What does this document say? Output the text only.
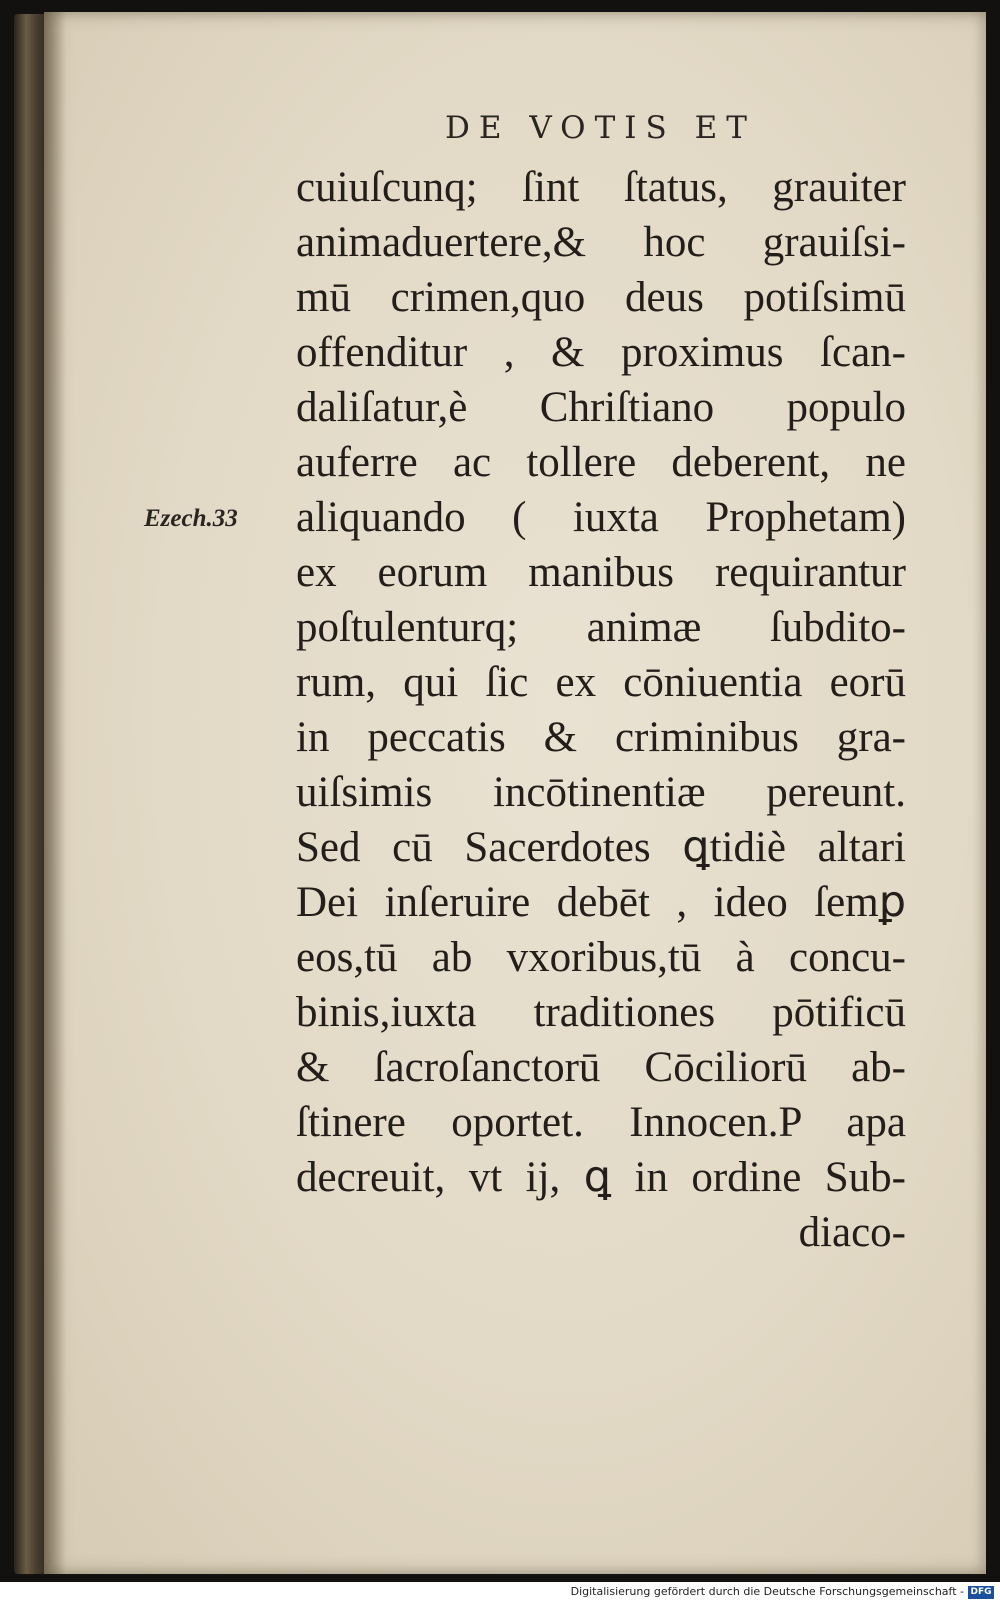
DE VOTIS ET
Ezech.33
cuiuſcunq; ſint ſtatus, grauiter
animaduertere,& hoc grauiſsi-
mū crimen,quo deus potiſsimū
offenditur , & proximus ſcan-
daliſatur,è Chriſtiano populo
auferre ac tollere deberent, ne
aliquando ( iuxta Prophetam)
ex eorum manibus requirantur
poſtulenturq; animæ ſubdito-
rum, qui ſic ex cōniuentia eorū
in peccatis & criminibus gra-
uiſsimis incōtinentiæ pereunt.
Sed cū Sacerdotes ꝗtidiè altari
Dei inſeruire debēt , ideo ſemꝑ
eos,tū ab vxoribus,tū à concu-
binis,iuxta traditiones pōtificū
& ſacroſanctorū Cōciliorū ab-
ſtinere oportet. Innocen.P apa
decreuit, vt ij, ꝗ in ordine Sub-
diaco-
Digitalisierung gefördert durch die Deutsche Forschungsgemeinschaft - DFG
